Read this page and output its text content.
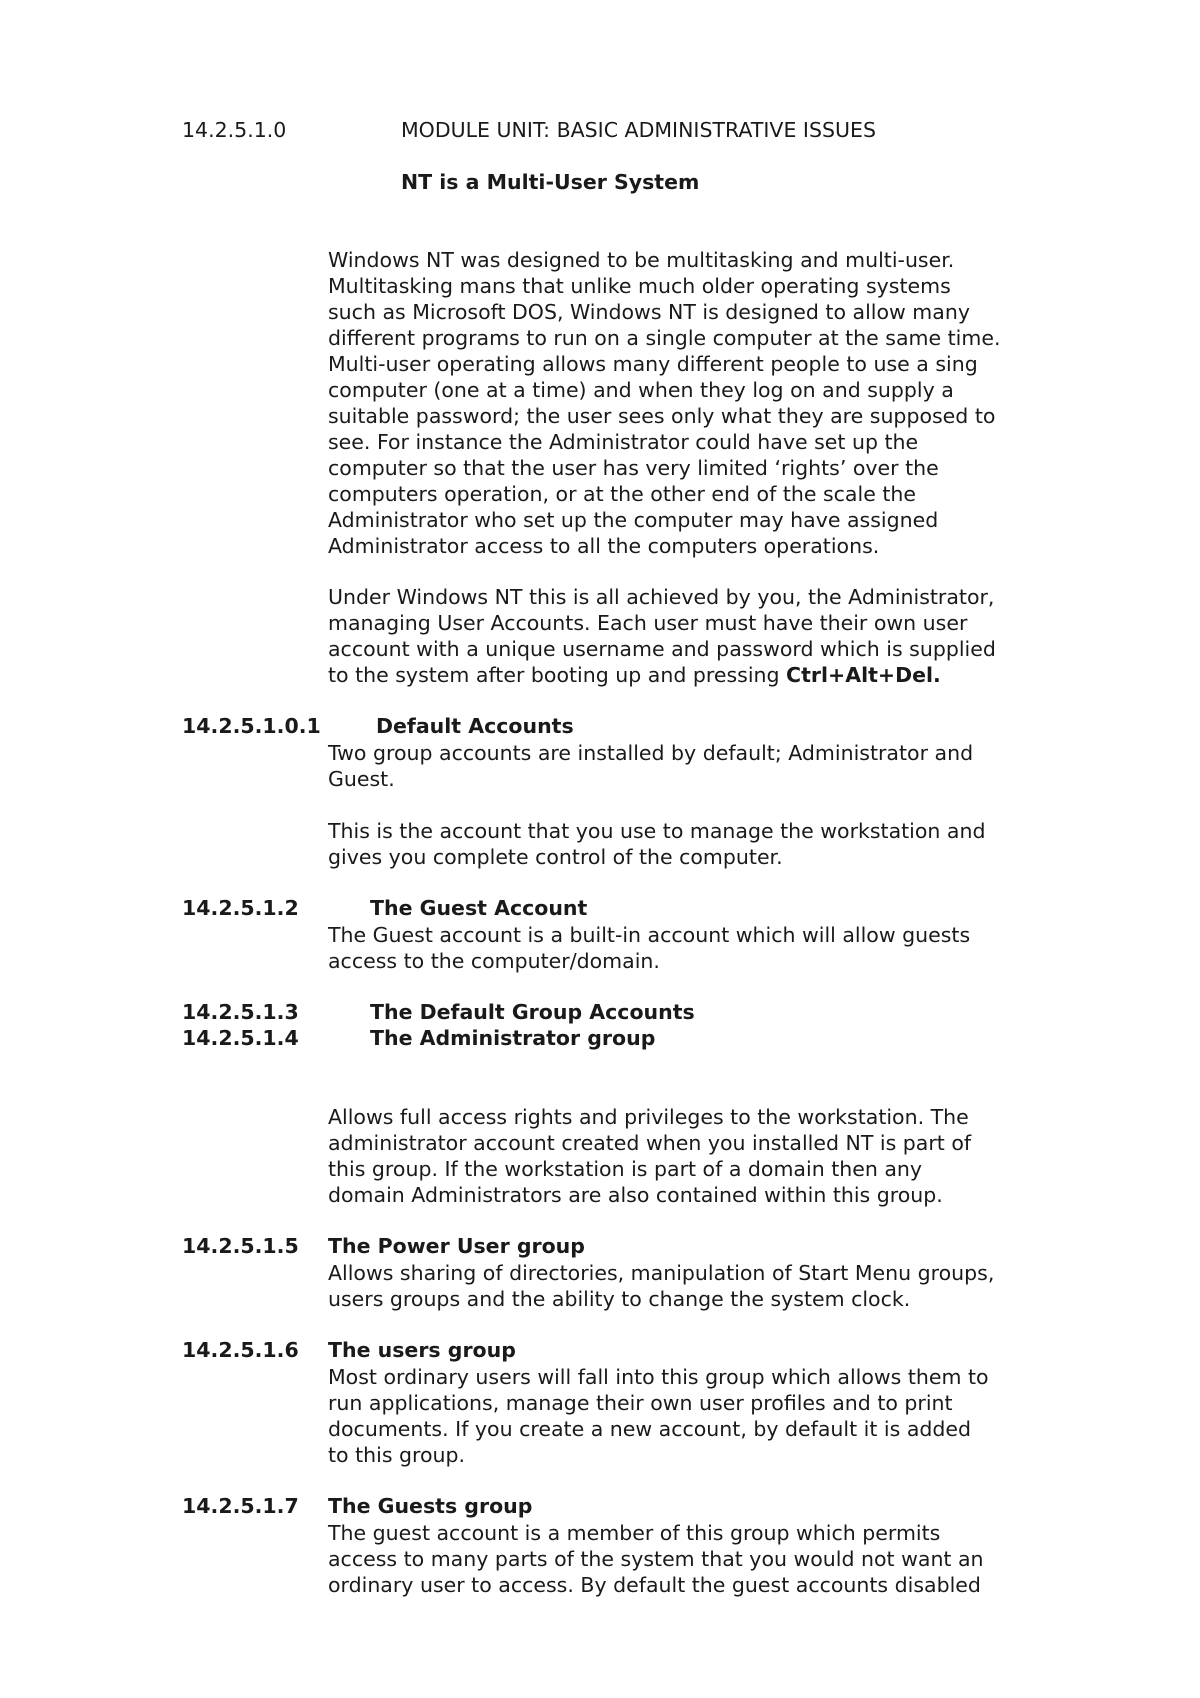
14.2.5.1.0	MODULE UNIT: BASIC ADMINISTRATIVE ISSUES
NT is a Multi-User System
Windows NT was designed to be multitasking and multi-user.
Multitasking mans that unlike much older operating systems
such as Microsoft DOS, Windows NT is designed to allow many
different programs to run on a single computer at the same time.
Multi-user operating allows many different people to use a sing
computer (one at a time) and when they log on and supply a
suitable password; the user sees only what they are supposed to
see. For instance the Administrator could have set up the
computer so that the user has very limited ‘rights’ over the
computers operation, or at the other end of the scale the
Administrator who set up the computer may have assigned
Administrator access to all the computers operations.
Under Windows NT this is all achieved by you, the Administrator,
managing User Accounts. Each user must have their own user
account with a unique username and password which is supplied
to the system after booting up and pressing Ctrl+Alt+Del.
14.2.5.1.0.1	Default Accounts
Two group accounts are installed by default; Administrator and
Guest.
This is the account that you use to manage the workstation and
gives you complete control of the computer.
14.2.5.1.2	The Guest Account
The Guest account is a built-in account which will allow guests
access to the computer/domain.
14.2.5.1.3	The Default Group Accounts
14.2.5.1.4	The Administrator group
Allows full access rights and privileges to the workstation. The
administrator account created when you installed NT is part of
this group. If the workstation is part of a domain then any
domain Administrators are also contained within this group.
14.2.5.1.5 The Power User group
Allows sharing of directories, manipulation of Start Menu groups,
users groups and the ability to change the system clock.
14.2.5.1.6 The users group
Most ordinary users will fall into this group which allows them to
run applications, manage their own user profiles and to print
documents. If you create a new account, by default it is added
to this group.
14.2.5.1.7 The Guests group
The guest account is a member of this group which permits
access to many parts of the system that you would not want an
ordinary user to access. By default the guest accounts disabled
